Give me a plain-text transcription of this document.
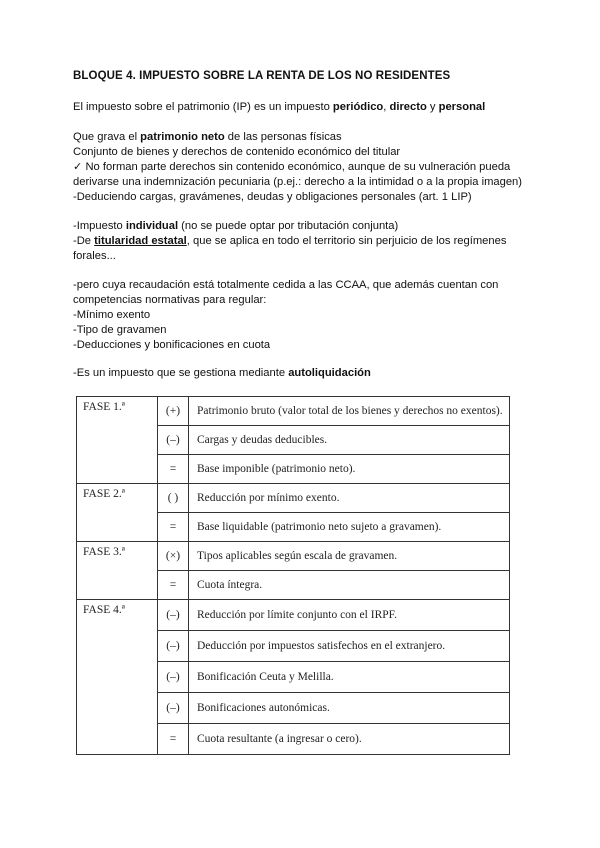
BLOQUE 4. IMPUESTO SOBRE LA RENTA DE LOS NO RESIDENTES
El impuesto sobre el patrimonio (IP) es un impuesto periódico, directo y personal
Que grava el patrimonio neto de las personas físicas
Conjunto de bienes y derechos de contenido económico del titular
✓ No forman parte derechos sin contenido económico, aunque de su vulneración pueda
derivarse una indemnización pecuniaria (p.ej.: derecho a la intimidad o a la propia imagen)
-Deduciendo cargas, gravámenes, deudas y obligaciones personales (art. 1 LIP)
-Impuesto individual (no se puede optar por tributación conjunta)
-De titularidad estatal, que se aplica en todo el territorio sin perjuicio de los regímenes
forales...
-pero cuya recaudación está totalmente cedida a las CCAA, que además cuentan con
competencias normativas para regular:
-Mínimo exento
-Tipo de gravamen
-Deducciones y bonificaciones en cuota
-Es un impuesto que se gestiona mediante autoliquidación
FASE 1.ª	(+)	Patrimonio bruto (valor total de los bienes y derechos no exentos).
	(–)	Cargas y deudas deducibles.
	=	Base imponible (patrimonio neto).
FASE 2.ª	( )	Reducción por mínimo exento.
	=	Base liquidable (patrimonio neto sujeto a gravamen).
FASE 3.ª	(×)	Tipos aplicables según escala de gravamen.
	=	Cuota íntegra.
FASE 4.ª	(–)	Reducción por límite conjunto con el IRPF.
	(–)	Deducción por impuestos satisfechos en el extranjero.
	(–)	Bonificación Ceuta y Melilla.
	(–)	Bonificaciones autonómicas.
	=	Cuota resultante (a ingresar o cero).
